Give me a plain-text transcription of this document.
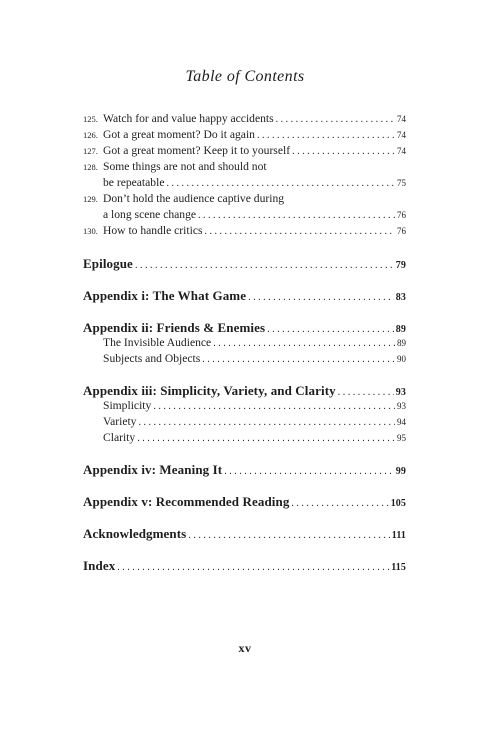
Table of Contents
125. Watch for and value happy accidents . . .	74
126. Got a great moment? Do it again . . .	74
127. Got a great moment? Keep it to yourself . . .	74
128. Some things are not and should not
be repeatable . . .	75
129. Don’t hold the audience captive during
a long scene change . . .	76
130. How to handle critics . . .	76
Epilogue . . .	79
Appendix i: The What Game . . .	83
Appendix ii: Friends & Enemies . . .	89
The Invisible Audience . . .	89
Subjects and Objects . . .	90
Appendix iii: Simplicity, Variety, and Clarity . . .	93
Simplicity . . .	93
Variety . . .	94
Clarity . . .	95
Appendix iv: Meaning It . . .	99
Appendix v: Recommended Reading . . .	105
Acknowledgments . . .	111
Index . . .	115
xv
